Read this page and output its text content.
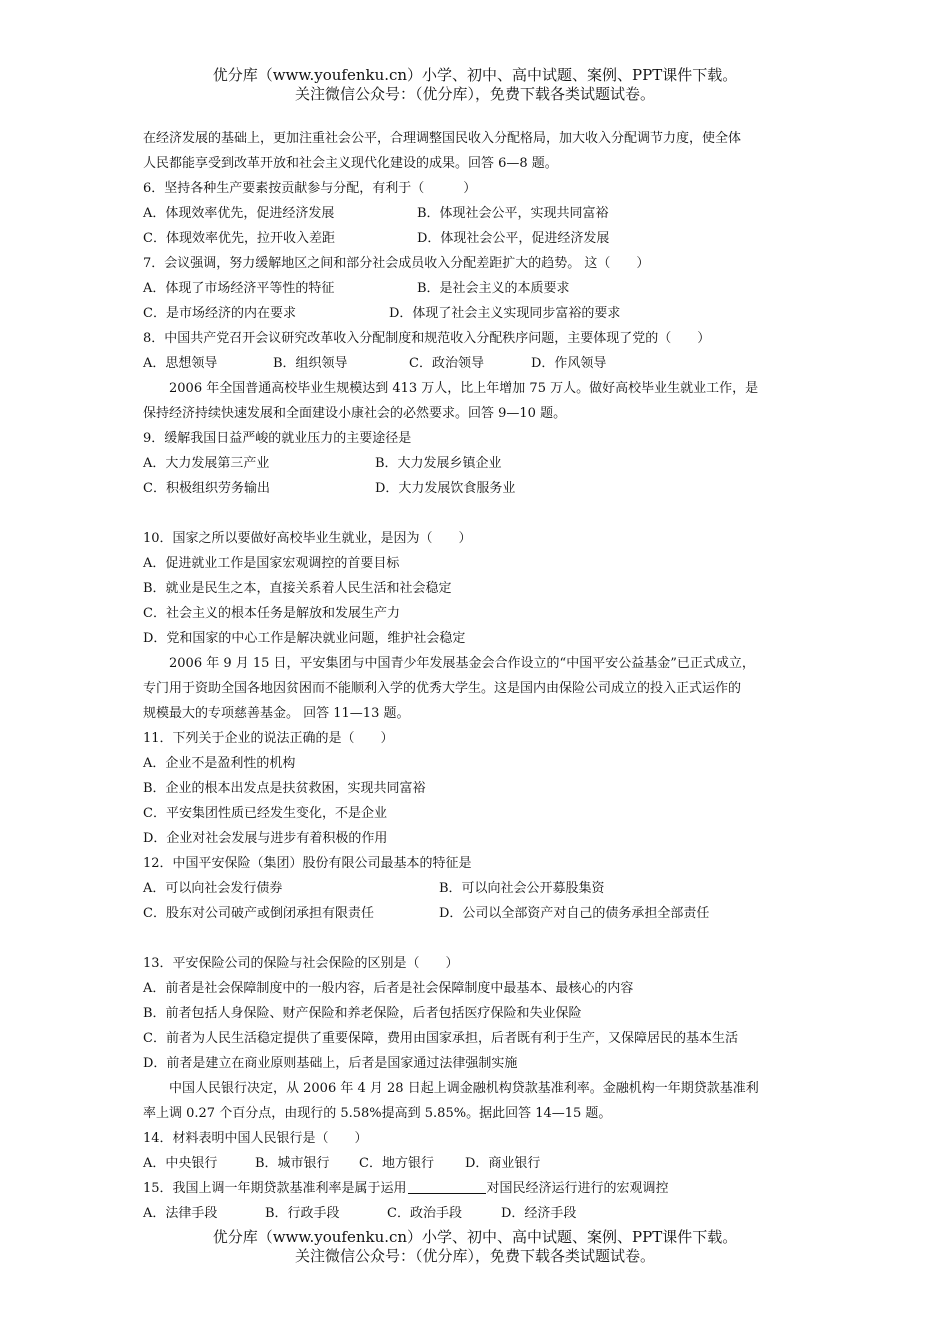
优分库（www.youfenku.cn）小学、初中、高中试题、案例、PPT课件下载。
关注微信公众号：（优分库），免费下载各类试题试卷。
在经济发展的基础上，更加注重社会公平，合理调整国民收入分配格局，加大收入分配调节力度，使全体
人民都能享受到改革开放和社会主义现代化建设的成果。回答 6—8 题。
6．坚持各种生产要素按贡献参与分配，有利于（　　　）
A．体现效率优先，促进经济发展	B．体现社会公平，实现共同富裕
C．体现效率优先，拉开收入差距	D．体现社会公平，促进经济发展
7．会议强调，努力缓解地区之间和部分社会成员收入分配差距扩大的趋势。 这（　　）
A．体现了市场经济平等性的特征	B．是社会主义的本质要求
C．是市场经济的内在要求	D．体现了社会主义实现同步富裕的要求
8．中国共产党召开会议研究改革收入分配制度和规范收入分配秩序问题，主要体现了党的（　　）
A．思想领导	B．组织领导	C．政治领导	D．作风领导
2006 年全国普通高校毕业生规模达到 413 万人，比上年增加 75 万人。做好高校毕业生就业工作，是
保持经济持续快速发展和全面建设小康社会的必然要求。回答 9—10 题。
9．缓解我国日益严峻的就业压力的主要途径是
A．大力发展第三产业	B．大力发展乡镇企业
C．积极组织劳务输出	D．大力发展饮食服务业
10．国家之所以要做好高校毕业生就业，是因为（　　）
A．促进就业工作是国家宏观调控的首要目标
B．就业是民生之本，直接关系着人民生活和社会稳定
C．社会主义的根本任务是解放和发展生产力
D．党和国家的中心工作是解决就业问题，维护社会稳定
2006 年 9 月 15 日，平安集团与中国青少年发展基金会合作设立的“中国平安公益基金”已正式成立，
专门用于资助全国各地因贫困而不能顺利入学的优秀大学生。这是国内由保险公司成立的投入正式运作的
规模最大的专项慈善基金。 回答 11—13 题。
11．下列关于企业的说法正确的是（　　）
A．企业不是盈利性的机构
B．企业的根本出发点是扶贫救困，实现共同富裕
C．平安集团性质已经发生变化，不是企业
D．企业对社会发展与进步有着积极的作用
12．中国平安保险（集团）股份有限公司最基本的特征是
A．可以向社会发行债券	B．可以向社会公开募股集资
C．股东对公司破产或倒闭承担有限责任	D．公司以全部资产对自己的债务承担全部责任
13．平安保险公司的保险与社会保险的区别是（　　）
A．前者是社会保障制度中的一般内容，后者是社会保障制度中最基本、最核心的内容
B．前者包括人身保险、财产保险和养老保险，后者包括医疗保险和失业保险
C．前者为人民生活稳定提供了重要保障，费用由国家承担，后者既有利于生产，又保障居民的基本生活
D．前者是建立在商业原则基础上，后者是国家通过法律强制实施
中国人民银行决定，从 2006 年 4 月 28 日起上调金融机构贷款基准利率。金融机构一年期贷款基准利
率上调 0.27 个百分点，由现行的 5.58%提高到 5.85%。据此回答 14—15 题。
14．材料表明中国人民银行是（　　）
A．中央银行	B．城市银行	C．地方银行	D．商业银行
15．我国上调一年期贷款基准利率是属于运用	对国民经济运行进行的宏观调控
A．法律手段	B．行政手段	C．政治手段	D．经济手段
优分库（www.youfenku.cn）小学、初中、高中试题、案例、PPT课件下载。
关注微信公众号：（优分库），免费下载各类试题试卷。
